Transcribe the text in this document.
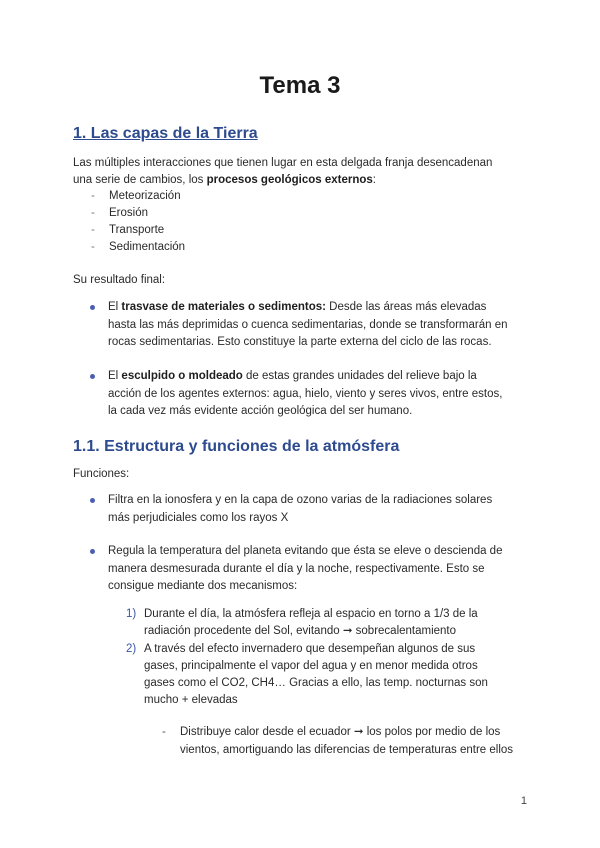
Tema 3
1. Las capas de la Tierra
Las múltiples interacciones que tienen lugar en esta delgada franja desencadenan
una serie de cambios, los procesos geológicos externos:
- Meteorización
- Erosión
- Transporte
- Sedimentación
Su resultado final:
El trasvase de materiales o sedimentos: Desde las áreas más elevadas hasta las más deprimidas o cuenca sedimentarias, donde se transformarán en rocas sedimentarias. Esto constituye la parte externa del ciclo de las rocas.
El esculpido o moldeado de estas grandes unidades del relieve bajo la acción de los agentes externos: agua, hielo, viento y seres vivos, entre estos, la cada vez más evidente acción geológica del ser humano.
1.1. Estructura y funciones de la atmósfera
Funciones:
Filtra en la ionosfera y en la capa de ozono varias de la radiaciones solares más perjudiciales como los rayos X
Regula la temperatura del planeta evitando que ésta se eleve o descienda de manera desmesurada durante el día y la noche, respectivamente. Esto se consigue mediante dos mecanismos:
1) Durante el día, la atmósfera refleja al espacio en torno a 1/3 de la radiación procedente del Sol, evitando ➞ sobrecalentamiento
2) A través del efecto invernadero que desempeñan algunos de sus gases, principalmente el vapor del agua y en menor medida otros gases como el CO2, CH4… Gracias a ello, las temp. nocturnas son mucho + elevadas
- Distribuye calor desde el ecuador ➞ los polos por medio de los vientos, amortiguando las diferencias de temperaturas entre ellos
1
